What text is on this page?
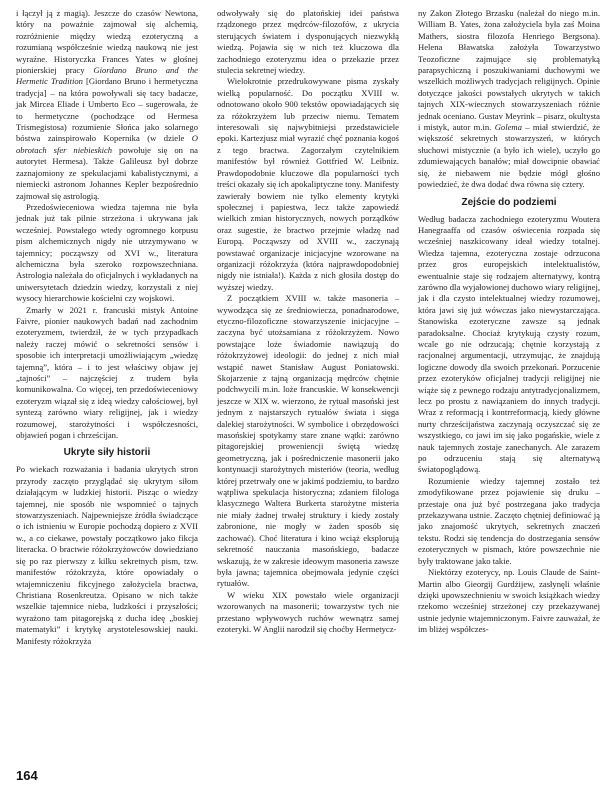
i łączył ją z magią). Jeszcze do czasów Newtona, który na poważnie zajmował się alchemią, rozróżnienie między wiedzą ezoteryczną a rozumianą współcześnie wiedzą naukową nie jest wyraźne. Historyczka Frances Yates w głośnej pionierskiej pracy Giordano Bruno and the Hermetic Tradition [Giordano Bruno i hermetyczna tradycja] – na która powoływali się tacy badacze, jak Mircea Eliade i Umberto Eco – sugerowała, że to hermetyczne (pochodzące od Hermesa Trismegistosa) rozumienie Słońca jako solarnego bóstwa zainspirowało Kopernika (w dziele O obrotach sfer niebieskich powołuje się on na autorytet Hermesa). Także Galileusz był dobrze zaznajomiony ze spekulacjami kabalistycznymi, a niemiecki astronom Johannes Kepler bezpośrednio zajmował się astrologią.

Przedoświeceniowa wiedza tajemna nie była jednak już tak pilnie strzeżona i ukrywana jak wcześniej. Powstałego wtedy ogromnego korpusu pism alchemicznych nigdy nie utrzymywano w tajemnicy; począwszy od XVI w., literatura alchemiczna była szeroko rozpowszechniana. Astrologia należała do oficjalnych i wykładanych na uniwersytetach dziedzin wiedzy, korzystali z niej wysocy hierarchowie kościelni czy wojskowi.

Zmarły w 2021 r. francuski mistyk Antoine Faivre, pionier naukowych badań nad zachodnim ezoteryzmem, twierdził, że w tych przypadkach należy raczej mówić o sekretności sensów i sposobie ich interpretacji umożliwiającym „wiedzę tajemną”, która – i to jest właściwy objaw jej „tajności” – najczęściej z trudem była komunikowalna. Co więcej, ten przedoświeceniowy ezoteryzm wiązał się z ideą wiedzy całościowej, był syntezą zarówno wiary religijnej, jak i wiedzy rozumowej, starożytności i współczesności, objawień pogan i chrześcijan.

Ukryte siły historii

Po wiekach rozważania i badania ukrytych stron przyrody zaczęto przyglądać się ukrytym siłom działającym w ludzkiej historii. Pisząc o wiedzy tajemnej, nie sposób nie wspomnieć o tajnych stowarzyszeniach. Najpewniejsze źródła świadczące o ich istnieniu w Europie pochodzą dopiero z XVII w., a co ciekawe, powstały początkowo jako fikcja literacka. O bractwie różokrzyżowców dowiedziano się po raz pierwszy z kilku sekretnych pism, tzw. manifestów różokrzyża, które opowiadały o wtajemniczeniu fikcyjnego założyciela bractwa, Christiana Rosenkreutza. Opisano w nich także wszelkie tajemnice nieba, ludzkości i przyszłości; wyrażono tam pitagorejską z ducha ideę „boskiej matematyki” i krytykę arystotelesowskiej nauki. Manifesty różokrzyża

odwoływały się do platońskiej idei państwa rządzonego przez mędrców-filozofów, z ukrycia sterujących światem i dysponujących niezwykłą wiedzą. Pojawia się w nich też kluczowa dla zachodniego ezoteryzmu idea o przekazie przez stulecia sekretnej wiedzy.

Wielokrotnie przedrukowywane pisma zyskały wielką popularność. Do początku XVIII w. odnotowano około 900 tekstów opowiadających się za różokrzyżem lub przeciw niemu. Tematem interesowali się najwybitniejsi przedstawiciele epoki. Kartezjusz miał wyrazić chęć poznania kogoś z tego bractwa. Zagorzałym czytelnikiem manifestów był również Gottfried W. Leibniz. Prawdopodobnie kluczowe dla popularności tych treści okazały się ich apokaliptyczne tony. Manifesty zawierały bowiem nie tylko elementy krytyki społecznej i papiestwa, lecz także zapowiedź wielkich zmian historycznych, nowych porządków oraz sugestie, że bractwo przejmie władzę nad Europą. Począwszy od XVIII w., zaczynają powstawać organizacje inicjacyjne wzorowane na organizacji różokrzyża (która najprawdopodobniej nigdy nie istniała!). Każda z nich głosiła dostęp do wyższej wiedzy.

Z początkiem XVIII w. także masoneria – wywodząca się ze średniowiecza, ponadnarodowe, etyczno-filozoficzne stowarzyszenie inicjacyjne – zaczyna być utożsamiana z różokrzyżem. Nowo powstające loże świadomie nawiązują do różokrzyżowej ideologii: do jednej z nich miał wstąpić nawet Stanisław August Poniatowski. Skojarzenie z tajną organizacją mędrców chętnie podchwycili m.in. loże francuskie. W konsekwencji jeszcze w XIX w. wierzono, że rytuał masoński jest jednym z najstarszych rytuałów świata i sięga dalekiej starożytności. W symbolice i obrzędowości masońskiej spotykamy stare znane wątki: zarówno pitagorejskiej proweniencji świętą wiedzę geometryczną, jak i pośredniczenie masonerii jako kontynuacji starożytnych misteriów (teoria, według której przetrwały one w jakimś podziemiu, to bardzo wątpliwa spekulacja historyczna; zdaniem filologa klasycznego Waltera Burkerta starożytne misteria nie miały żadnej trwałej struktury i kiedy zostały zabronione, nie mogły w żaden sposób się zachować). Choć literatura i kino wciąż eksplorują sekretność nauczania masońskiego, badacze wskazują, że w zakresie ideowym masoneria zawsze była jawna; tajemnica obejmowała jedynie części rytuałów.

W wieku XIX powstało wiele organizacji wzorowanych na masonerii; towarzystw tych nie przestano wpływowych ruchów wewnątrz samej ezoteryki. W Anglii narodził się choćby Hermetycz-

ny Zakon Złotego Brzasku (należał do niego m.in. William B. Yates, żona założyciela była zaś Moina Mathers, siostra filozofa Henriego Bergsona). Helena Bławatska założyła Towarzystwo Teozoficzne zajmujące się problematyką parapsychiczną i poszukiwaniami duchowymi we wszelkich możliwych tradycjach religijnych. Opinie dotyczące jakości powstałych ukrytych w takich tajnych XIX-wiecznych stowarzyszeniach różnie jednak oceniano. Gustav Meyrink – pisarz, okultysta i mistyk, autor m.in. Golema – miał stwierdzić, że większość sekretnych stowarzyszeń, w których słuchowi mistycznie (a było ich wiele), uczyło go zdumiewających banałów; miał dowcipnie obawiać się, że niebawem nie będzie mógł głośno powiedzieć, że dwa dodać dwa równa się cztery.

Zejście do podziemi

Według badacza zachodniego ezoteryzmu Woutera Hanegraaffa od czasów oświecenia rozpada się wcześniej naszkicowany ideał wiedzy totalnej. Wiedza tajemna, ezoteryczna zostaje odrzucona przez gros europejskich intelektualistów, ewentualnie staje się rodzajem alternatywy, kontrą zarówno dla wyjałowionej duchowo wiary religijnej, jak i dla czysto intelektualnej wiedzy rozumowej, która jawi się już wówczas jako niewystarczająca. Stanowiska ezoteryczne zawsze są jednak paradoksalne. Chociaż krytykują czysty rozum, wcale go nie odrzucają; chętnie korzystają z racjonalnej argumentacji, utrzymując, że znajdują logiczne dowody dla swoich przekonań. Porzucenie przez ezoteryków oficjalnej tradycji religijnej nie wiąże się z pewnego rodzaju antytradycjonalizmem, lecz po prostu z nawiązaniem do innych tradycji. Wraz z reformacją i kontrreformacją, kiedy główne nurty chrześcijaństwa zaczynają oczyszczać się ze wszystkiego, co jawi im się jako pogańskie, wiele z nauk tajemnych zostaje zanechanych. Ale zarazem po odrzuceniu stają się alternatywą światopoglądową.

Rozumienie wiedzy tajemnej zostało też zmodyfikowane przez pojawienie się druku – przestaje ona już być postrzegana jako tradycja przekazywana ustnie. Zaczęto chętniej definiować ją jako znajomość ukrytych, sekretnych znaczeń tekstu. Rodzi się tendencja do dostrzegania sensów ezoterycznych w pismach, które powszechnie nie były traktowane jako takie.

Niektórzy ezoterycy, np. Louis Claude de Saint-Martin albo Gieorgij Gurdżijew, zasłynęli właśnie dzięki upowszechnieniu w swoich książkach wiedzy rzekomo wcześniej strzeżonej czy przekazywanej ustnie jedynie wtajemniczonym. Faivre zauważał, że im bliżej współczes-

164
